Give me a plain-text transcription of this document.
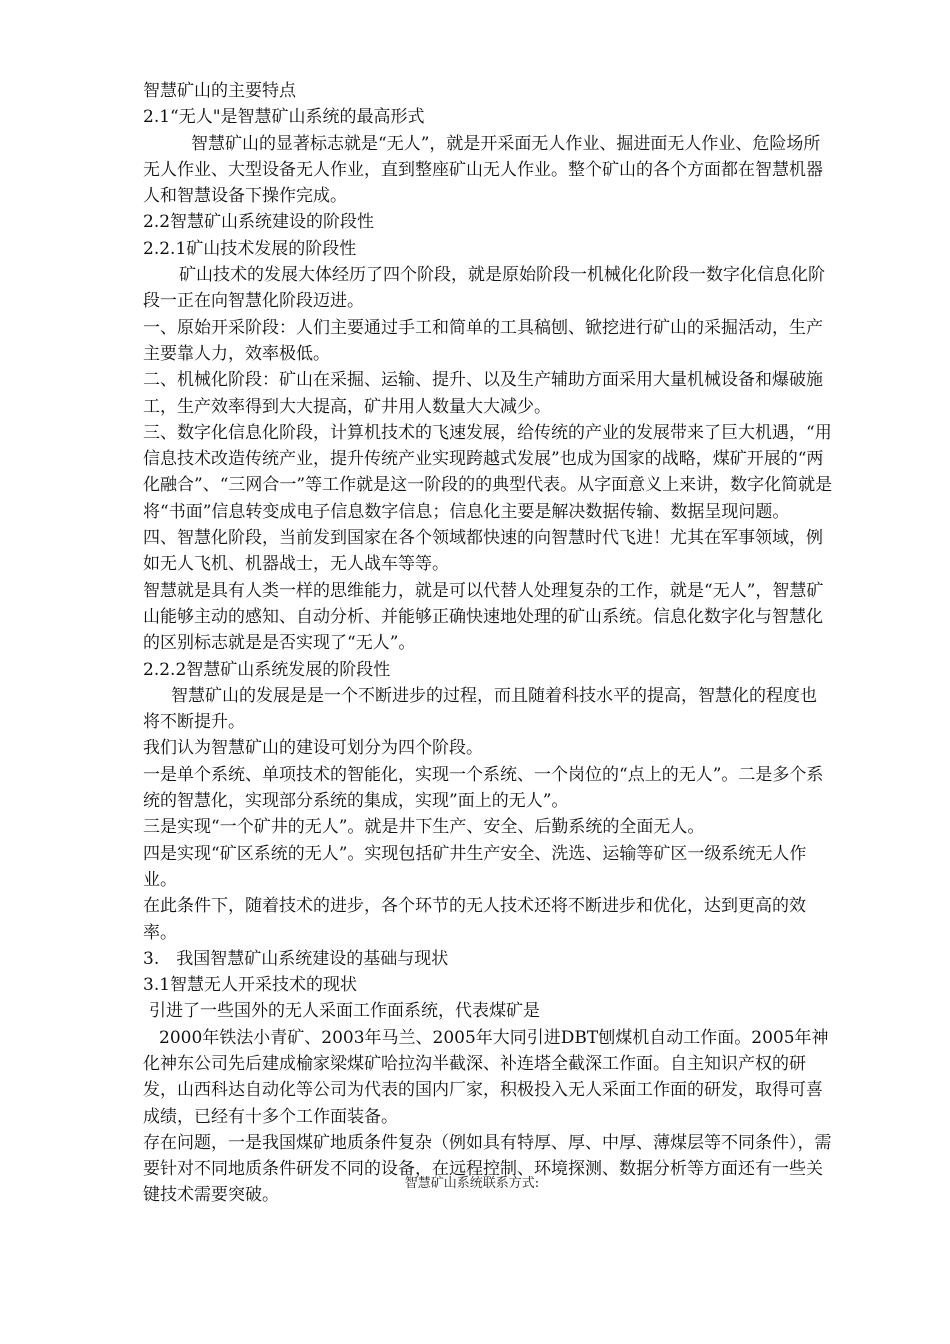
智慧矿山的主要特点

2.1“无人"是智慧矿山系统的最高形式

智慧矿山的显著标志就是“无人”，就是开采面无人作业、掘进面无人作业、危险场所无人作业、大型设备无人作业，直到整座矿山无人作业。整个矿山的各个方面都在智慧机器人和智慧设备下操作完成。

2.2智慧矿山系统建设的阶段性

2.2.1矿山技术发展的阶段性

矿山技术的发展大体经历了四个阶段，就是原始阶段一机械化化阶段一数字化信息化阶段一正在向智慧化阶段迈进。

一、原始开采阶段：人们主要通过手工和简单的工具稿刨、锨挖进行矿山的采掘活动，生产主要靠人力，效率极低。

二、机械化阶段：矿山在采掘、运输、提升、以及生产辅助方面采用大量机械设备和爆破施工，生产效率得到大大提高，矿井用人数量大大减少。

三、数字化信息化阶段，计算机技术的飞速发展，给传统的产业的发展带来了巨大机遇，“用信息技术改造传统产业，提升传统产业实现跨越式发展”也成为国家的战略，煤矿开展的“两化融合”、“三网合一”等工作就是这一阶段的的典型代表。从字面意义上来讲，数字化简就是将“书面”信息转变成电子信息数字信息；信息化主要是解决数据传输、数据呈现问题。

四、智慧化阶段，当前发到国家在各个领域都快速的向智慧时代飞进！尤其在军事领域，例如无人飞机、机器战士，无人战车等等。

智慧就是具有人类一样的思维能力，就是可以代替人处理复杂的工作，就是“无人”，智慧矿山能够主动的感知、自动分析、并能够正确快速地处理的矿山系统。信息化数字化与智慧化的区别标志就是是否实现了“无人”。

2.2.2智慧矿山系统发展的阶段性

智慧矿山的发展是是一个不断进步的过程，而且随着科技水平的提高，智慧化的程度也将不断提升。

我们认为智慧矿山的建设可划分为四个阶段。

一是单个系统、单项技术的智能化，实现一个系统、一个岗位的“点上的无人”。二是多个系统的智慧化，实现部分系统的集成，实现”面上的无人”。

三是实现“一个矿井的无人”。就是井下生产、安全、后勤系统的全面无人。

四是实现“矿区系统的无人”。实现包括矿井生产安全、洗选、运输等矿区一级系统无人作业。

在此条件下，随着技术的进步，各个环节的无人技术还将不断进步和优化，达到更高的效率。

3.　我国智慧矿山系统建设的基础与现状

3.1智慧无人开采技术的现状

引进了一些国外的无人采面工作面系统，代表煤矿是

2000年铁法小青矿、2003年马兰、2005年大同引进DBT刨煤机自动工作面。2005年神化神东公司先后建成榆家梁煤矿哈拉沟半截深、补连塔全截深工作面。自主知识产权的研发，山西科达自动化等公司为代表的国内厂家，积极投入无人采面工作面的研发，取得可喜成绩，已经有十多个工作面装备。

存在问题，一是我国煤矿地质条件复杂（例如具有特厚、厚、中厚、薄煤层等不同条件），需要针对不同地质条件研发不同的设备，在远程控制、环境探测、数据分析等方面还有一些关键技术需要突破。

智慧矿山系统联系方式:
